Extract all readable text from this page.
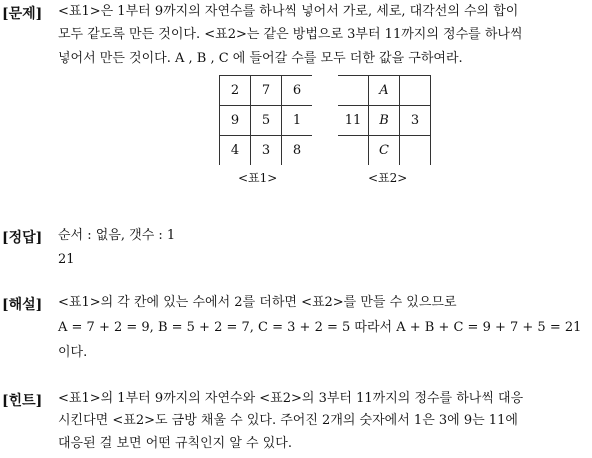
[문제] <표1>은 1부터 9까지의 자연수를 하나씩 넣어서 가로, 세로, 대각선의 수의 합이
모두 같도록 만든 것이다. <표2>는 같은 방법으로 3부터 11까지의 정수를 하나씩
넣어서 만든 것이다. A , B , C 에 들어갈 수를 모두 더한 값을 구하여라.
2	7	6
9	5	1
4	3	8
<표1>
	A	
11	B	3
	C	
<표2>
[정답] 순서 : 없음, 갯수 : 1
21
[해설] <표1>의 각 칸에 있는 수에서 2를 더하면 <표2>를 만들 수 있으므로
A = 7 + 2 = 9, B = 5 + 2 = 7, C = 3 + 2 = 5 따라서 A + B + C = 9 + 7 + 5 = 21
이다.
[힌트] <표1>의 1부터 9까지의 자연수와 <표2>의 3부터 11까지의 정수를 하나씩 대응
시킨다면 <표2>도 금방 채울 수 있다. 주어진 2개의 숫자에서 1은 3에 9는 11에
대응된 걸 보면 어떤 규칙인지 알 수 있다.
